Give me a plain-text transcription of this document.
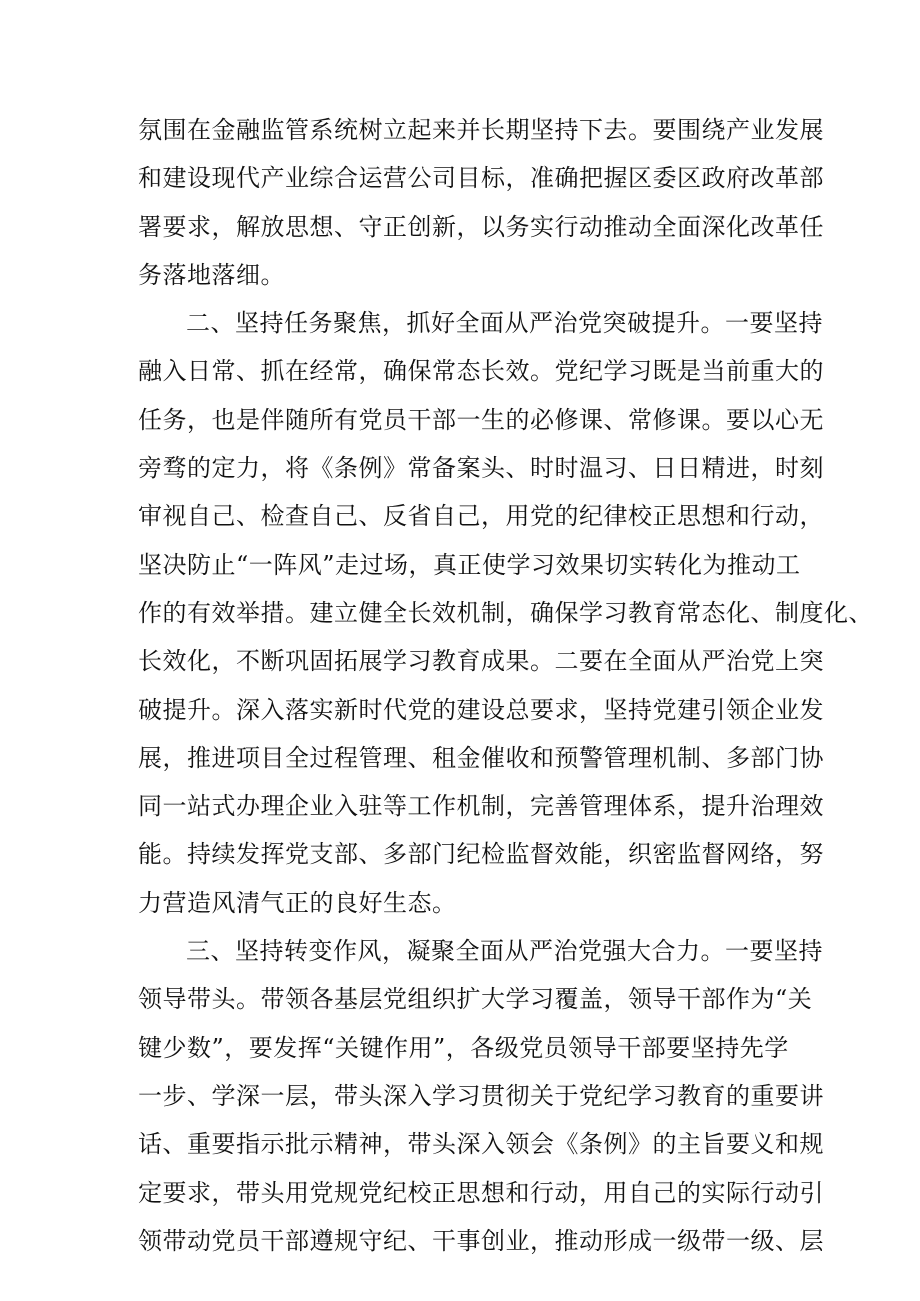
氛围在金融监管系统树立起来并长期坚持下去。要围绕产业发展
和建设现代产业综合运营公司目标，准确把握区委区政府改革部
署要求，解放思想、守正创新，以务实行动推动全面深化改革任
务落地落细。
二、坚持任务聚焦，抓好全面从严治党突破提升。一要坚持
融入日常、抓在经常，确保常态长效。党纪学习既是当前重大的
任务，也是伴随所有党员干部一生的必修课、常修课。要以心无
旁骛的定力，将《条例》常备案头、时时温习、日日精进，时刻
审视自己、检查自己、反省自己，用党的纪律校正思想和行动，
坚决防止“一阵风”走过场，真正使学习效果切实转化为推动工
作的有效举措。建立健全长效机制，确保学习教育常态化、制度化、
长效化，不断巩固拓展学习教育成果。二要在全面从严治党上突
破提升。深入落实新时代党的建设总要求，坚持党建引领企业发
展，推进项目全过程管理、租金催收和预警管理机制、多部门协
同一站式办理企业入驻等工作机制，完善管理体系，提升治理效
能。持续发挥党支部、多部门纪检监督效能，织密监督网络，努
力营造风清气正的良好生态。
三、坚持转变作风，凝聚全面从严治党强大合力。一要坚持
领导带头。带领各基层党组织扩大学习覆盖，领导干部作为“关
键少数”，要发挥“关键作用”，各级党员领导干部要坚持先学
一步、学深一层，带头深入学习贯彻关于党纪学习教育的重要讲
话、重要指示批示精神，带头深入领会《条例》的主旨要义和规
定要求，带头用党规党纪校正思想和行动，用自己的实际行动引
领带动党员干部遵规守纪、干事创业，推动形成一级带一级、层
